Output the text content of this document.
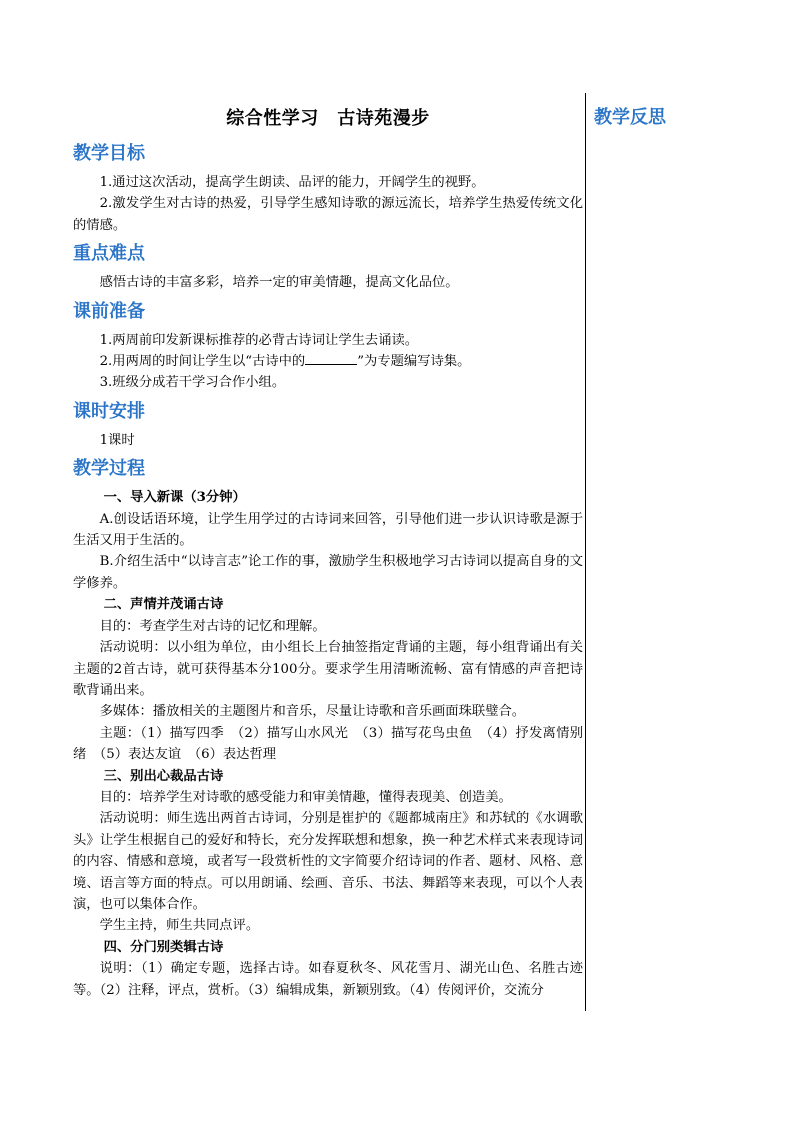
综合性学习　古诗苑漫步
教学目标

1.通过这次活动，提高学生朗读、品评的能力，开阔学生的视野。

2.激发学生对古诗的热爱，引导学生感知诗歌的源远流长，培养学生热爱传统文化的情感。

重点难点

感悟古诗的丰富多彩，培养一定的审美情趣，提高文化品位。

课前准备

1.两周前印发新课标推荐的必背古诗词让学生去诵读。

2.用两周的时间让学生以“古诗中的	”为专题编写诗集。

3.班级分成若干学习合作小组。

课时安排

1课时

教学过程

一、导入新课（3分钟）

A.创设话语环境，让学生用学过的古诗词来回答，引导他们进一步认识诗歌是源于生活又用于生活的。

B.介绍生活中“以诗言志”论工作的事，激励学生积极地学习古诗词以提高自身的文学修养。

二、声情并茂诵古诗

目的：考查学生对古诗的记忆和理解。

活动说明：以小组为单位，由小组长上台抽签指定背诵的主题，每小组背诵出有关主题的2首古诗，就可获得基本分100分。要求学生用清晰流畅、富有情感的声音把诗歌背诵出来。

多媒体：播放相关的主题图片和音乐，尽量让诗歌和音乐画面珠联璧合。

主题：（1）描写四季　（2）描写山水风光　（3）描写花鸟虫鱼　（4）抒发离情别绪　（5）表达友谊　（6）表达哲理

三、别出心裁品古诗

目的：培养学生对诗歌的感受能力和审美情趣，懂得表现美、创造美。

活动说明：师生选出两首古诗词，分别是崔护的《题都城南庄》和苏轼的《水调歌头》让学生根据自己的爱好和特长，充分发挥联想和想象，换一种艺术样式来表现诗词的内容、情感和意境，或者写一段赏析性的文字简要介绍诗词的作者、题材、风格、意境、语言等方面的特点。可以用朗诵、绘画、音乐、书法、舞蹈等来表现，可以个人表演，也可以集体合作。

学生主持，师生共同点评。

四、分门别类辑古诗

说明：（1）确定专题，选择古诗。如春夏秋冬、风花雪月、湖光山色、名胜古迹等。（2）注释，评点，赏析。（3）编辑成集，新颖别致。（4）传阅评价，交流分

教学反思
